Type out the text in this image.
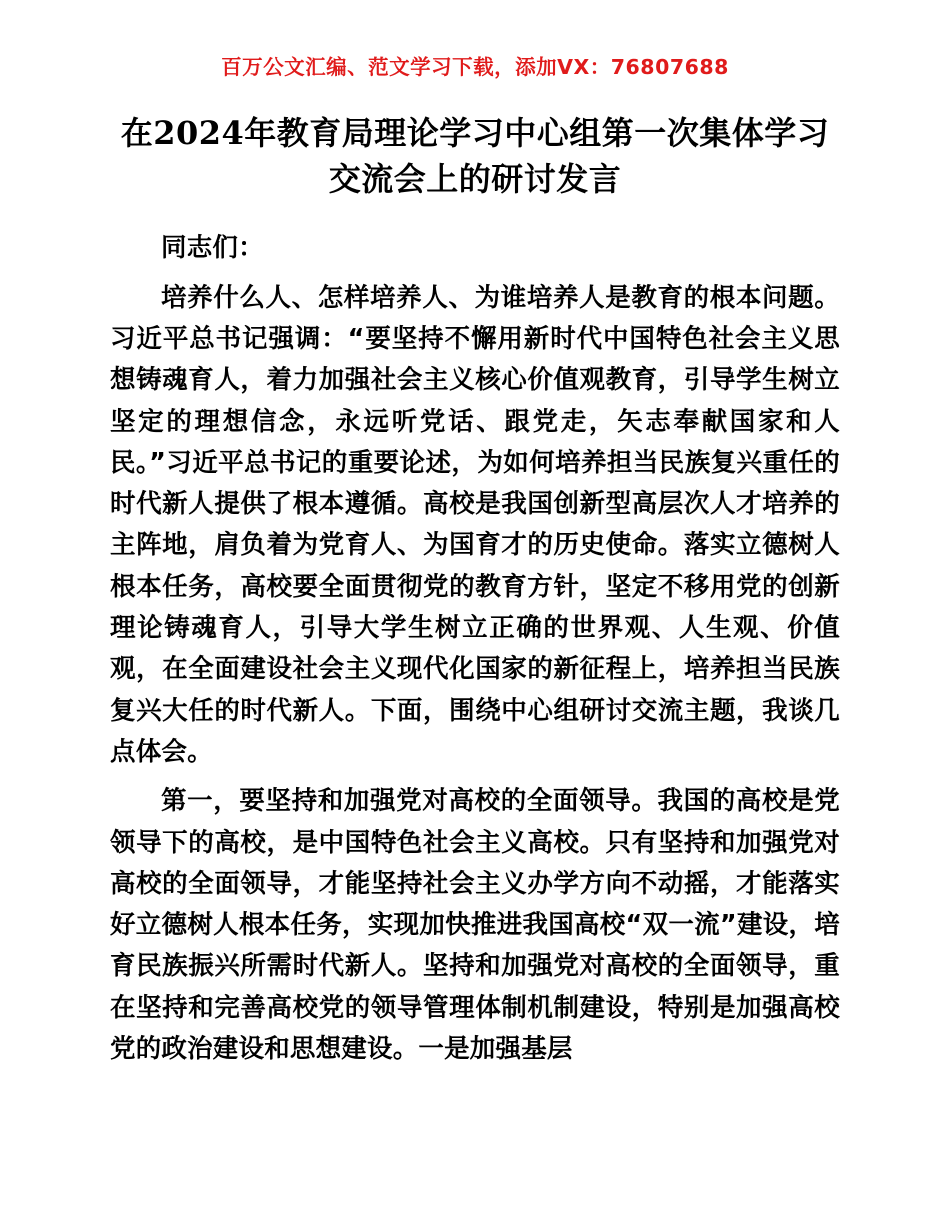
百万公文汇编、范文学习下载，添加VX：76807688
在2024年教育局理论学习中心组第一次集体学习交流会上的研讨发言

同志们：

培养什么人、怎样培养人、为谁培养人是教育的根本问题。习近平总书记强调：“要坚持不懈用新时代中国特色社会主义思想铸魂育人，着力加强社会主义核心价值观教育，引导学生树立坚定的理想信念，永远听党话、跟党走，矢志奉献国家和人民。”习近平总书记的重要论述，为如何培养担当民族复兴重任的时代新人提供了根本遵循。高校是我国创新型高层次人才培养的主阵地，肩负着为党育人、为国育才的历史使命。落实立德树人根本任务，高校要全面贯彻党的教育方针，坚定不移用党的创新理论铸魂育人，引导大学生树立正确的世界观、人生观、价值观，在全面建设社会主义现代化国家的新征程上，培养担当民族复兴大任的时代新人。下面，围绕中心组研讨交流主题，我谈几点体会。

第一，要坚持和加强党对高校的全面领导。我国的高校是党领导下的高校，是中国特色社会主义高校。只有坚持和加强党对高校的全面领导，才能坚持社会主义办学方向不动摇，才能落实好立德树人根本任务，实现加快推进我国高校“双一流”建设，培育民族振兴所需时代新人。坚持和加强党对高校的全面领导，重在坚持和完善高校党的领导管理体制机制建设，特别是加强高校党的政治建设和思想建设。一是加强基层
